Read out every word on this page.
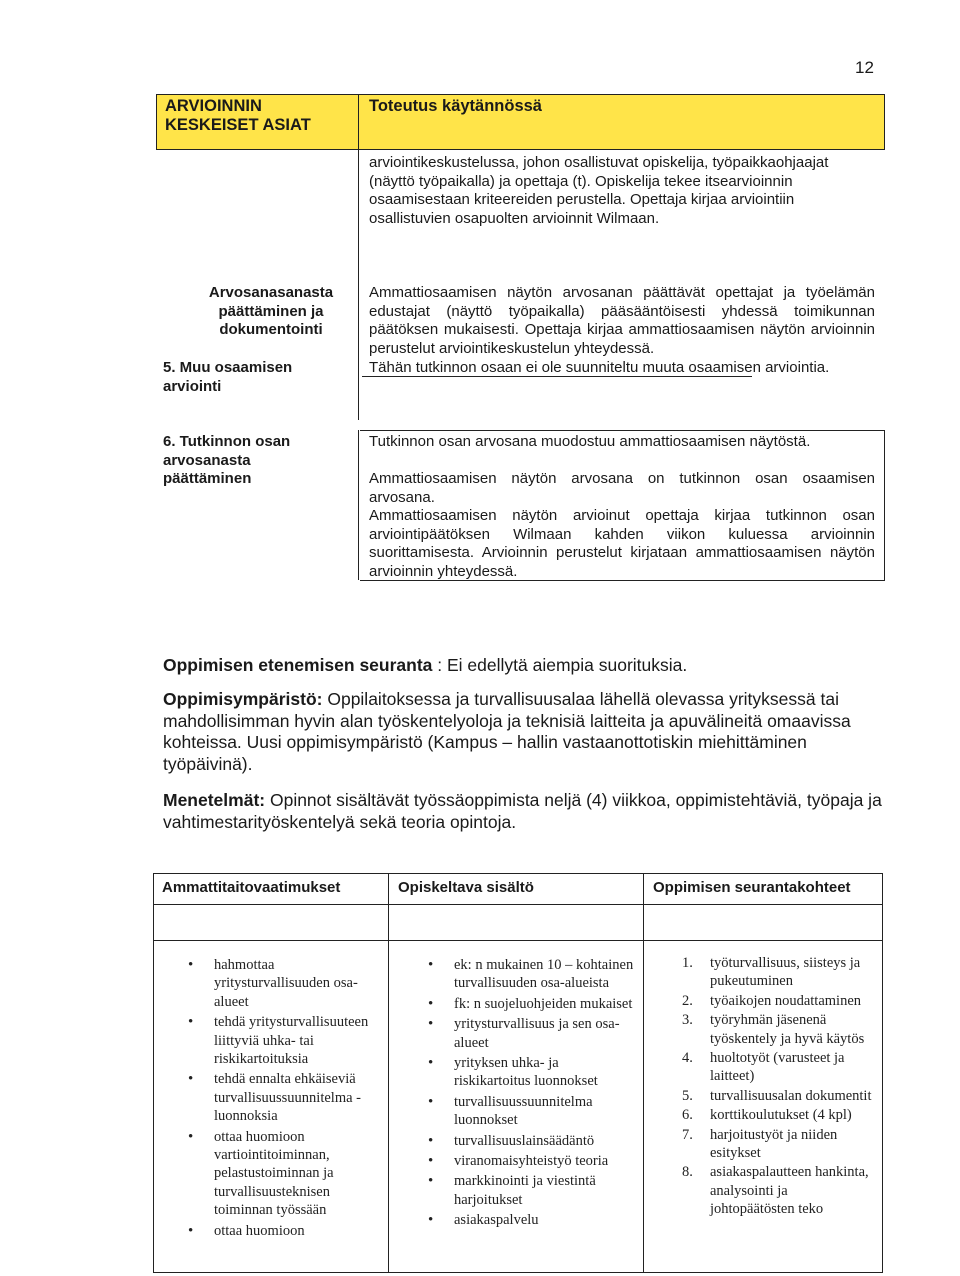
12
ARVIOINNIN KESKEISET ASIAT
Toteutus käytännössä
arviointikeskustelussa, johon osallistuvat opiskelija, työpaikkaohjaajat (näyttö työpaikalla) ja opettaja (t). Opiskelija tekee itsearvioinnin osaamisestaan kriteereiden perustella. Opettaja kirjaa arviointiin osallistuvien osapuolten arvioinnit Wilmaan.
Arvosanasanasta päättäminen ja dokumentointi
Ammattiosaamisen näytön arvosanan päättävät opettajat ja työelämän edustajat (näyttö työpaikalla) pääsääntöisesti yhdessä toimikunnan päätöksen mukaisesti. Opettaja kirjaa ammattiosaamisen näytön arvioinnin perustelut arviointikeskustelun yhteydessä.
5. Muu osaamisen arviointi
Tähän tutkinnon osaan ei ole suunniteltu muuta osaamisen arviointia.
6. Tutkinnon osan arvosanasta päättäminen
Tutkinnon osan arvosana muodostuu ammattiosaamisen näytöstä.
Ammattiosaamisen näytön arvosana on tutkinnon osan osaamisen arvosana.
Ammattiosaamisen näytön arvioinut opettaja kirjaa tutkinnon osan arviointipäätöksen Wilmaan kahden viikon kuluessa arvioinnin suorittamisesta. Arvioinnin perustelut kirjataan ammattiosaamisen näytön arvioinnin yhteydessä.
Oppimisen etenemisen seuranta : Ei edellytä aiempia suorituksia.
Oppimisympäristö: Oppilaitoksessa ja turvallisuusalaa lähellä olevassa yrityksessä tai mahdollisimman hyvin alan työskentelyoloja ja teknisiä laitteita ja apuvälineitä omaavissa kohteissa. Uusi oppimisympäristö (Kampus – hallin vastaanottotiskin miehittäminen työpäivinä).
Menetelmät: Opinnot sisältävät työssäoppimista neljä (4) viikkoa, oppimistehtäviä, työpaja ja vahtimestarityöskentelyä sekä teoria opintoja.
Ammattitaitovaatimukset	Opiskeltava sisältö	Oppimisen seurantakohteet
• hahmottaa yritysturvallisuuden osa-alueet
• tehdä yritysturvallisuuteen liittyviä uhka- tai riskikartoituksia
• tehdä ennalta ehkäiseviä turvallisuussuunnitelma -luonnoksia
• ottaa huomioon vartiointitoiminnan, pelastustoiminnan ja turvallisuusteknisen toiminnan työssään
• ottaa huomioon
• ek: n mukainen 10 – kohtainen turvallisuuden osa-alueista
• fk: n suojeluohjeiden mukaiset
• yritysturvallisuus ja sen osa-alueet
• yrityksen uhka- ja riskikartoitus luonnokset
• turvallisuussuunnitelma luonnokset
• turvallisuuslainsäädäntö
• viranomaisyhteistyö teoria
• markkinointi ja viestintä harjoitukset
• asiakaspalvelu
1. työturvallisuus, siisteys ja pukeutuminen
2. työaikojen noudattaminen
3. työryhmän jäsenenä työskentely ja hyvä käytös
4. huoltotyöt (varusteet ja laitteet)
5. turvallisuusalan dokumentit
6. korttikoulutukset (4 kpl)
7. harjoitustyöt ja niiden esitykset
8. asiakaspalautteen hankinta, analysointi ja johtopäätösten teko
